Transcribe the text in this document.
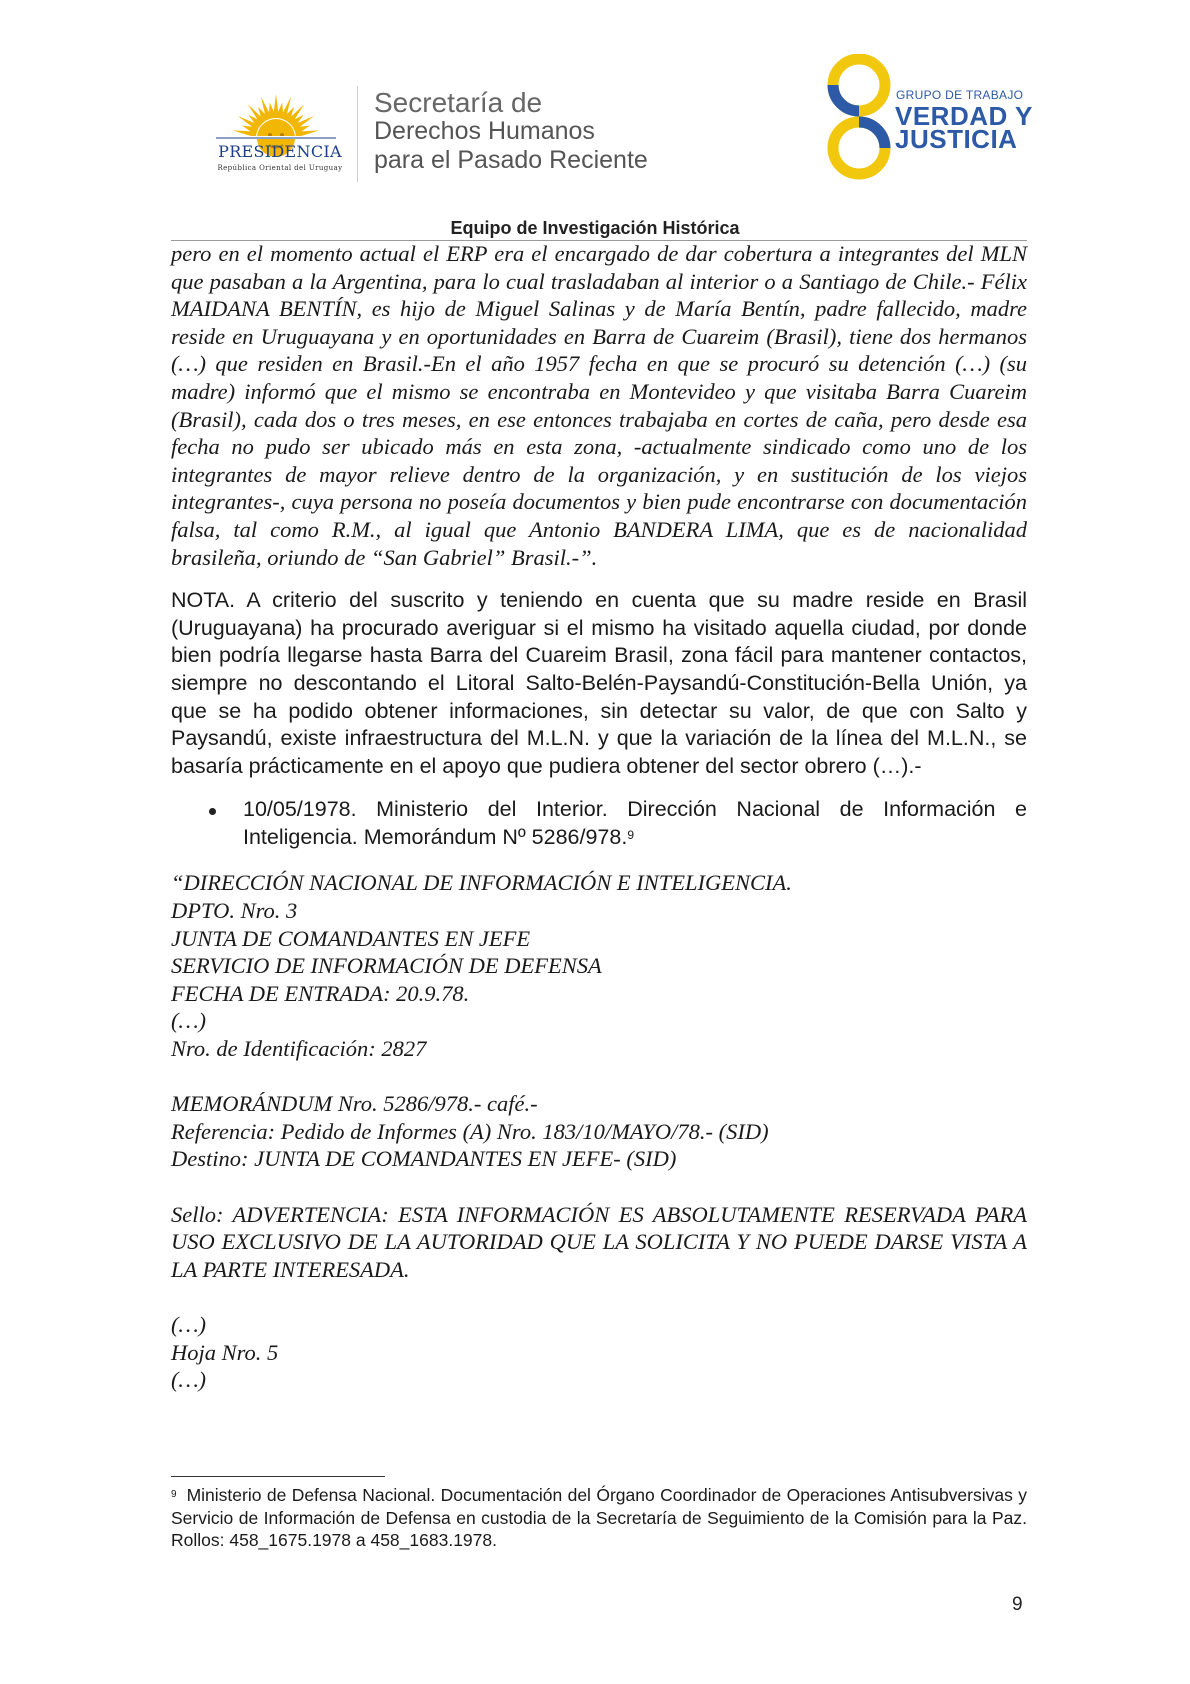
PRESIDENCIA
República Oriental del Uruguay
Secretaría de
Derechos Humanos
para el Pasado Reciente
GRUPO DE TRABAJO
VERDAD Y
JUSTICIA
Equipo de Investigación Histórica

pero en el momento actual el ERP era el encargado de dar cobertura a integrantes del MLN que pasaban a la Argentina, para lo cual trasladaban al interior o a Santiago de Chile.- Félix MAIDANA BENTÍN, es hijo de Miguel Salinas y de María Bentín, padre fallecido, madre reside en Uruguayana y en oportunidades en Barra de Cuareim (Brasil), tiene dos hermanos (…) que residen en Brasil.-En el año 1957 fecha en que se procuró su detención (…) (su madre) informó que el mismo se encontraba en Montevideo y que visitaba Barra Cuareim (Brasil), cada dos o tres meses, en ese entonces trabajaba en cortes de caña, pero desde esa fecha no pudo ser ubicado más en esta zona, -actualmente sindicado como uno de los integrantes de mayor relieve dentro de la organización, y en sustitución de los viejos integrantes-, cuya persona no poseía documentos y bien pude encontrarse con documentación falsa, tal como R.M., al igual que Antonio BANDERA LIMA, que es de nacionalidad brasileña, oriundo de “San Gabriel” Brasil.-”.

NOTA. A criterio del suscrito y teniendo en cuenta que su madre reside en Brasil (Uruguayana) ha procurado averiguar si el mismo ha visitado aquella ciudad, por donde bien podría llegarse hasta Barra del Cuareim Brasil, zona fácil para mantener contactos, siempre no descontando el Litoral Salto-Belén-Paysandú-Constitución-Bella Unión, ya que se ha podido obtener informaciones, sin detectar su valor, de que con Salto y Paysandú, existe infraestructura del M.L.N. y que la variación de la línea del M.L.N., se basaría prácticamente en el apoyo que pudiera obtener del sector obrero (…).-

10/05/1978. Ministerio del Interior. Dirección Nacional de Información e Inteligencia. Memorándum Nº 5286/978.$^9$

“DIRECCIÓN NACIONAL DE INFORMACIÓN E INTELIGENCIA.
DPTO. Nro. 3
JUNTA DE COMANDANTES EN JEFE
SERVICIO DE INFORMACIÓN DE DEFENSA
FECHA DE ENTRADA: 20.9.78.
(…)
Nro. de Identificación: 2827
MEMORÁNDUM Nro. 5286/978.- café.-
Referencia: Pedido de Informes (A) Nro. 183/10/MAYO/78.- (SID)
Destino: JUNTA DE COMANDANTES EN JEFE- (SID)

Sello: ADVERTENCIA: ESTA INFORMACIÓN ES ABSOLUTAMENTE RESERVADA PARA USO EXCLUSIVO DE LA AUTORIDAD QUE LA SOLICITA Y NO PUEDE DARSE VISTA A LA PARTE INTERESADA.

(…)
Hoja Nro. 5
(…)
$^9$ Ministerio de Defensa Nacional. Documentación del Órgano Coordinador de Operaciones Antisubversivas y Servicio de Información de Defensa en custodia de la Secretaría de Seguimiento de la Comisión para la Paz. Rollos: 458_1675.1978 a 458_1683.1978.
9
